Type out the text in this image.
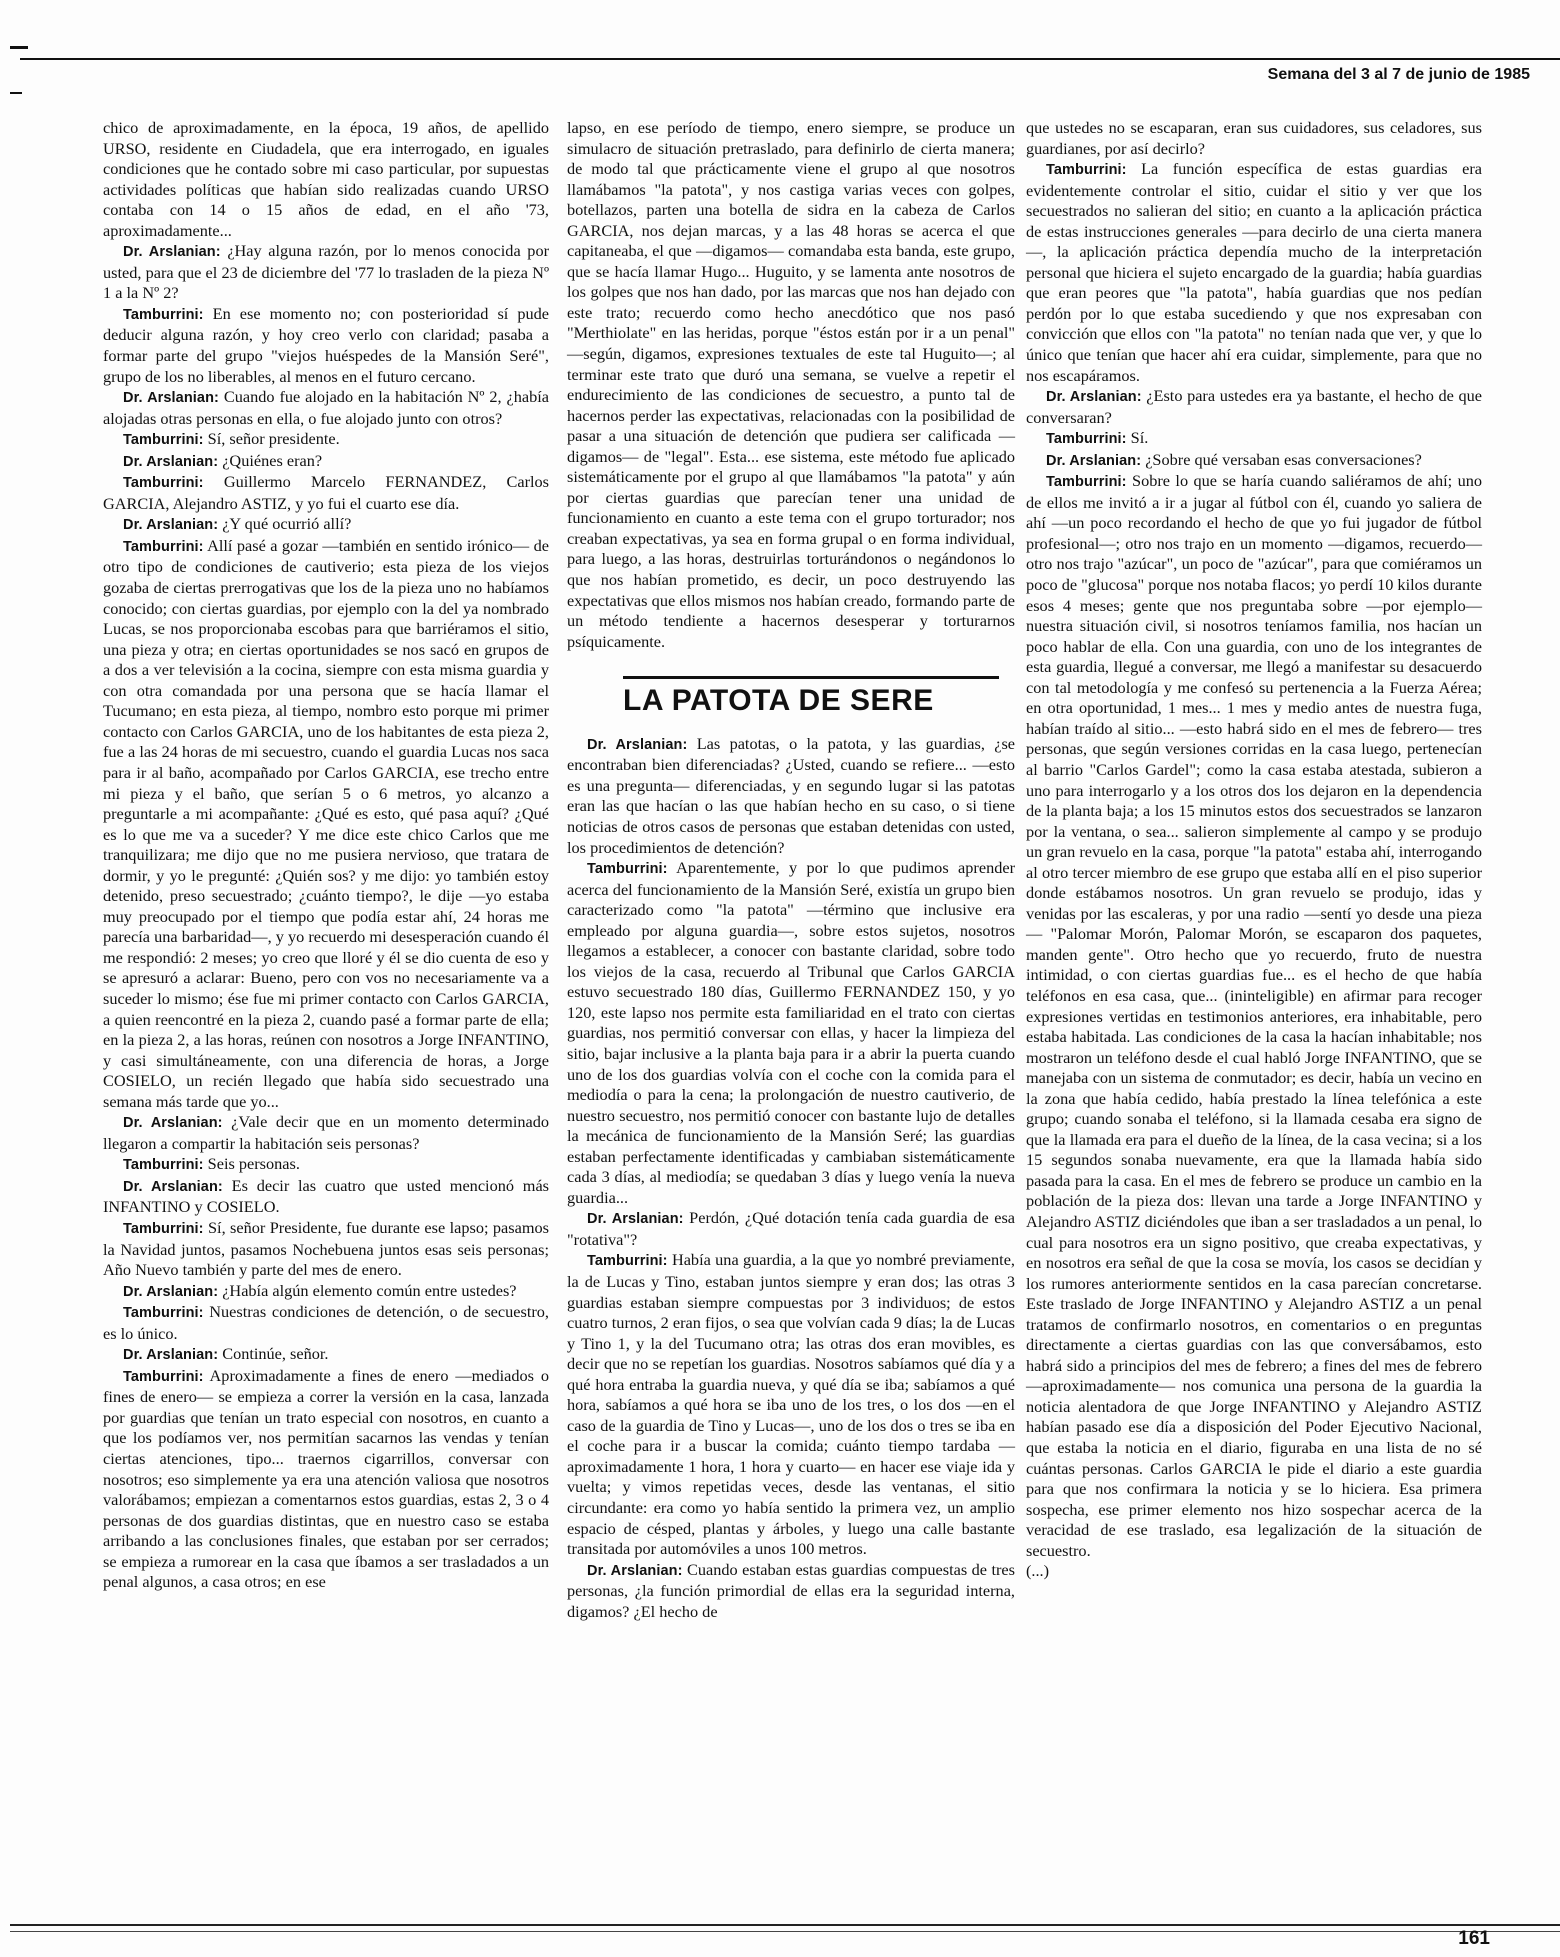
Semana del 3 al 7 de junio de 1985

chico de aproximadamente, en la época, 19 años, de apellido URSO, residente en Ciudadela, que era interrogado, en iguales condiciones que he contado sobre mi caso particular, por supuestas actividades políticas que habían sido realizadas cuando URSO contaba con 14 o 15 años de edad, en el año '73, aproximadamente...

Dr. Arslanian: ¿Hay alguna razón, por lo menos conocida por usted, para que el 23 de diciembre del '77 lo trasladen de la pieza Nº 1 a la Nº 2?

Tamburrini: En ese momento no; con posterioridad sí pude deducir alguna razón, y hoy creo verlo con claridad; pasaba a formar parte del grupo "viejos huéspedes de la Mansión Seré", grupo de los no liberables, al menos en el futuro cercano.

Dr. Arslanian: Cuando fue alojado en la habitación Nº 2, ¿había alojadas otras personas en ella, o fue alojado junto con otros?

Tamburrini: Sí, señor presidente.

Dr. Arslanian: ¿Quiénes eran?

Tamburrini: Guillermo Marcelo FERNANDEZ, Carlos GARCIA, Alejandro ASTIZ, y yo fui el cuarto ese día.

Dr. Arslanian: ¿Y qué ocurrió allí?

Tamburrini: Allí pasé a gozar —también en sentido irónico— de otro tipo de condiciones de cautiverio; esta pieza de los viejos gozaba de ciertas prerrogativas que los de la pieza uno no habíamos conocido; con ciertas guardias, por ejemplo con la del ya nombrado Lucas, se nos proporcionaba escobas para que barriéramos el sitio, una pieza y otra; en ciertas oportunidades se nos sacó en grupos de a dos a ver televisión a la cocina, siempre con esta misma guardia y con otra comandada por una persona que se hacía llamar el Tucumano; en esta pieza, al tiempo, nombro esto porque mi primer contacto con Carlos GARCIA, uno de los habitantes de esta pieza 2, fue a las 24 horas de mi secuestro, cuando el guardia Lucas nos saca para ir al baño, acompañado por Carlos GARCIA, ese trecho entre mi pieza y el baño, que serían 5 o 6 metros, yo alcanzo a preguntarle a mi acompañante: ¿Qué es esto, qué pasa aquí? ¿Qué es lo que me va a suceder? Y me dice este chico Carlos que me tranquilizara; me dijo que no me pusiera nervioso, que tratara de dormir, y yo le pregunté: ¿Quién sos? y me dijo: yo también estoy detenido, preso secuestrado; ¿cuánto tiempo?, le dije —yo estaba muy preocupado por el tiempo que podía estar ahí, 24 horas me parecía una barbaridad—, y yo recuerdo mi desesperación cuando él me respondió: 2 meses; yo creo que lloré y él se dio cuenta de eso y se apresuró a aclarar: Bueno, pero con vos no necesariamente va a suceder lo mismo; ése fue mi primer contacto con Carlos GARCIA, a quien reencontré en la pieza 2, cuando pasé a formar parte de ella; en la pieza 2, a las horas, reúnen con nosotros a Jorge INFANTINO, y casi simultáneamente, con una diferencia de horas, a Jorge COSIELO, un recién llegado que había sido secuestrado una semana más tarde que yo...

Dr. Arslanian: ¿Vale decir que en un momento determinado llegaron a compartir la habitación seis personas?

Tamburrini: Seis personas.

Dr. Arslanian: Es decir las cuatro que usted mencionó más INFANTINO y COSIELO.

Tamburrini: Sí, señor Presidente, fue durante ese lapso; pasamos la Navidad juntos, pasamos Nochebuena juntos esas seis personas; Año Nuevo también y parte del mes de enero.

Dr. Arslanian: ¿Había algún elemento común entre ustedes?

Tamburrini: Nuestras condiciones de detención, o de secuestro, es lo único.

Dr. Arslanian: Continúe, señor.

Tamburrini: Aproximadamente a fines de enero —mediados o fines de enero— se empieza a correr la versión en la casa, lanzada por guardias que tenían un trato especial con nosotros, en cuanto a que los podíamos ver, nos permitían sacarnos las vendas y tenían ciertas atenciones, tipo... traernos cigarrillos, conversar con nosotros; eso simplemente ya era una atención valiosa que nosotros valorábamos; empiezan a comentarnos estos guardias, estas 2, 3 o 4 personas de dos guardias distintas, que en nuestro caso se estaba arribando a las conclusiones finales, que estaban por ser cerrados; se empieza a rumorear en la casa que íbamos a ser trasladados a un penal algunos, a casa otros; en ese

lapso, en ese período de tiempo, enero siempre, se produce un simulacro de situación pretraslado, para definirlo de cierta manera; de modo tal que prácticamente viene el grupo al que nosotros llamábamos "la patota", y nos castiga varias veces con golpes, botellazos, parten una botella de sidra en la cabeza de Carlos GARCIA, nos dejan marcas, y a las 48 horas se acerca el que capitaneaba, el que —digamos— comandaba esta banda, este grupo, que se hacía llamar Hugo... Huguito, y se lamenta ante nosotros de los golpes que nos han dado, por las marcas que nos han dejado con este trato; recuerdo como hecho anecdótico que nos pasó "Merthiolate" en las heridas, porque "éstos están por ir a un penal" —según, digamos, expresiones textuales de este tal Huguito—; al terminar este trato que duró una semana, se vuelve a repetir el endurecimiento de las condiciones de secuestro, a punto tal de hacernos perder las expectativas, relacionadas con la posibilidad de pasar a una situación de detención que pudiera ser calificada —digamos— de "legal". Esta... ese sistema, este método fue aplicado sistemáticamente por el grupo al que llamábamos "la patota" y aún por ciertas guardias que parecían tener una unidad de funcionamiento en cuanto a este tema con el grupo torturador; nos creaban expectativas, ya sea en forma grupal o en forma individual, para luego, a las horas, destruirlas torturándonos o negándonos lo que nos habían prometido, es decir, un poco destruyendo las expectativas que ellos mismos nos habían creado, formando parte de un método tendiente a hacernos desesperar y torturarnos psíquicamente.

LA PATOTA DE SERE

Dr. Arslanian: Las patotas, o la patota, y las guardias, ¿se encontraban bien diferenciadas? ¿Usted, cuando se refiere... —esto es una pregunta— diferenciadas, y en segundo lugar si las patotas eran las que hacían o las que habían hecho en su caso, o si tiene noticias de otros casos de personas que estaban detenidas con usted, los procedimientos de detención?

Tamburrini: Aparentemente, y por lo que pudimos aprender acerca del funcionamiento de la Mansión Seré, existía un grupo bien caracterizado como "la patota" —término que inclusive era empleado por alguna guardia—, sobre estos sujetos, nosotros llegamos a establecer, a conocer con bastante claridad, sobre todo los viejos de la casa, recuerdo al Tribunal que Carlos GARCIA estuvo secuestrado 180 días, Guillermo FERNANDEZ 150, y yo 120, este lapso nos permite esta familiaridad en el trato con ciertas guardias, nos permitió conversar con ellas, y hacer la limpieza del sitio, bajar inclusive a la planta baja para ir a abrir la puerta cuando uno de los dos guardias volvía con el coche con la comida para el mediodía o para la cena; la prolongación de nuestro cautiverio, de nuestro secuestro, nos permitió conocer con bastante lujo de detalles la mecánica de funcionamiento de la Mansión Seré; las guardias estaban perfectamente identificadas y cambiaban sistemáticamente cada 3 días, al mediodía; se quedaban 3 días y luego venía la nueva guardia...

Dr. Arslanian: Perdón, ¿Qué dotación tenía cada guardia de esa "rotativa"?

Tamburrini: Había una guardia, a la que yo nombré previamente, la de Lucas y Tino, estaban juntos siempre y eran dos; las otras 3 guardias estaban siempre compuestas por 3 individuos; de estos cuatro turnos, 2 eran fijos, o sea que volvían cada 9 días; la de Lucas y Tino 1, y la del Tucumano otra; las otras dos eran movibles, es decir que no se repetían los guardias. Nosotros sabíamos qué día y a qué hora entraba la guardia nueva, y qué día se iba; sabíamos a qué hora, sabíamos a qué hora se iba uno de los tres, o los dos —en el caso de la guardia de Tino y Lucas—, uno de los dos o tres se iba en el coche para ir a buscar la comida; cuánto tiempo tardaba —aproximadamente 1 hora, 1 hora y cuarto— en hacer ese viaje ida y vuelta; y vimos repetidas veces, desde las ventanas, el sitio circundante: era como yo había sentido la primera vez, un amplio espacio de césped, plantas y árboles, y luego una calle bastante transitada por automóviles a unos 100 metros.

Dr. Arslanian: Cuando estaban estas guardias compuestas de tres personas, ¿la función primordial de ellas era la seguridad interna, digamos? ¿El hecho de

que ustedes no se escaparan, eran sus cuidadores, sus celadores, sus guardianes, por así decirlo?

Tamburrini: La función específica de estas guardias era evidentemente controlar el sitio, cuidar el sitio y ver que los secuestrados no salieran del sitio; en cuanto a la aplicación práctica de estas instrucciones generales —para decirlo de una cierta manera—, la aplicación práctica dependía mucho de la interpretación personal que hiciera el sujeto encargado de la guardia; había guardias que eran peores que "la patota", había guardias que nos pedían perdón por lo que estaba sucediendo y que nos expresaban con convicción que ellos con "la patota" no tenían nada que ver, y que lo único que tenían que hacer ahí era cuidar, simplemente, para que no nos escapáramos.

Dr. Arslanian: ¿Esto para ustedes era ya bastante, el hecho de que conversaran?

Tamburrini: Sí.

Dr. Arslanian: ¿Sobre qué versaban esas conversaciones?

Tamburrini: Sobre lo que se haría cuando saliéramos de ahí; uno de ellos me invitó a ir a jugar al fútbol con él, cuando yo saliera de ahí —un poco recordando el hecho de que yo fui jugador de fútbol profesional—; otro nos trajo en un momento —digamos, recuerdo— otro nos trajo "azúcar", un poco de "azúcar", para que comiéramos un poco de "glucosa" porque nos notaba flacos; yo perdí 10 kilos durante esos 4 meses; gente que nos preguntaba sobre —por ejemplo— nuestra situación civil, si nosotros teníamos familia, nos hacían un poco hablar de ella. Con una guardia, con uno de los integrantes de esta guardia, llegué a conversar, me llegó a manifestar su desacuerdo con tal metodología y me confesó su pertenencia a la Fuerza Aérea; en otra oportunidad, 1 mes... 1 mes y medio antes de nuestra fuga, habían traído al sitio... —esto habrá sido en el mes de febrero— tres personas, que según versiones corridas en la casa luego, pertenecían al barrio "Carlos Gardel"; como la casa estaba atestada, subieron a uno para interrogarlo y a los otros dos los dejaron en la dependencia de la planta baja; a los 15 minutos estos dos secuestrados se lanzaron por la ventana, o sea... salieron simplemente al campo y se produjo un gran revuelo en la casa, porque "la patota" estaba ahí, interrogando al otro tercer miembro de ese grupo que estaba allí en el piso superior donde estábamos nosotros. Un gran revuelo se produjo, idas y venidas por las escaleras, y por una radio —sentí yo desde una pieza— "Palomar Morón, Palomar Morón, se escaparon dos paquetes, manden gente". Otro hecho que yo recuerdo, fruto de nuestra intimidad, o con ciertas guardias fue... es el hecho de que había teléfonos en esa casa, que... (ininteligible) en afirmar para recoger expresiones vertidas en testimonios anteriores, era inhabitable, pero estaba habitada. Las condiciones de la casa la hacían inhabitable; nos mostraron un teléfono desde el cual habló Jorge INFANTINO, que se manejaba con un sistema de conmutador; es decir, había un vecino en la zona que había cedido, había prestado la línea telefónica a este grupo; cuando sonaba el teléfono, si la llamada cesaba era signo de que la llamada era para el dueño de la línea, de la casa vecina; si a los 15 segundos sonaba nuevamente, era que la llamada había sido pasada para la casa. En el mes de febrero se produce un cambio en la población de la pieza dos: llevan una tarde a Jorge INFANTINO y Alejandro ASTIZ diciéndoles que iban a ser trasladados a un penal, lo cual para nosotros era un signo positivo, que creaba expectativas, y en nosotros era señal de que la cosa se movía, los casos se decidían y los rumores anteriormente sentidos en la casa parecían concretarse. Este traslado de Jorge INFANTINO y Alejandro ASTIZ a un penal tratamos de confirmarlo nosotros, en comentarios o en preguntas directamente a ciertas guardias con las que conversábamos, esto habrá sido a principios del mes de febrero; a fines del mes de febrero —aproximadamente— nos comunica una persona de la guardia la noticia alentadora de que Jorge INFANTINO y Alejandro ASTIZ habían pasado ese día a disposición del Poder Ejecutivo Nacional, que estaba la noticia en el diario, figuraba en una lista de no sé cuántas personas. Carlos GARCIA le pide el diario a este guardia para que nos confirmara la noticia y se lo hiciera. Esa primera sospecha, ese primer elemento nos hizo sospechar acerca de la veracidad de ese traslado, esa legalización de la situación de secuestro.

(...)

161
